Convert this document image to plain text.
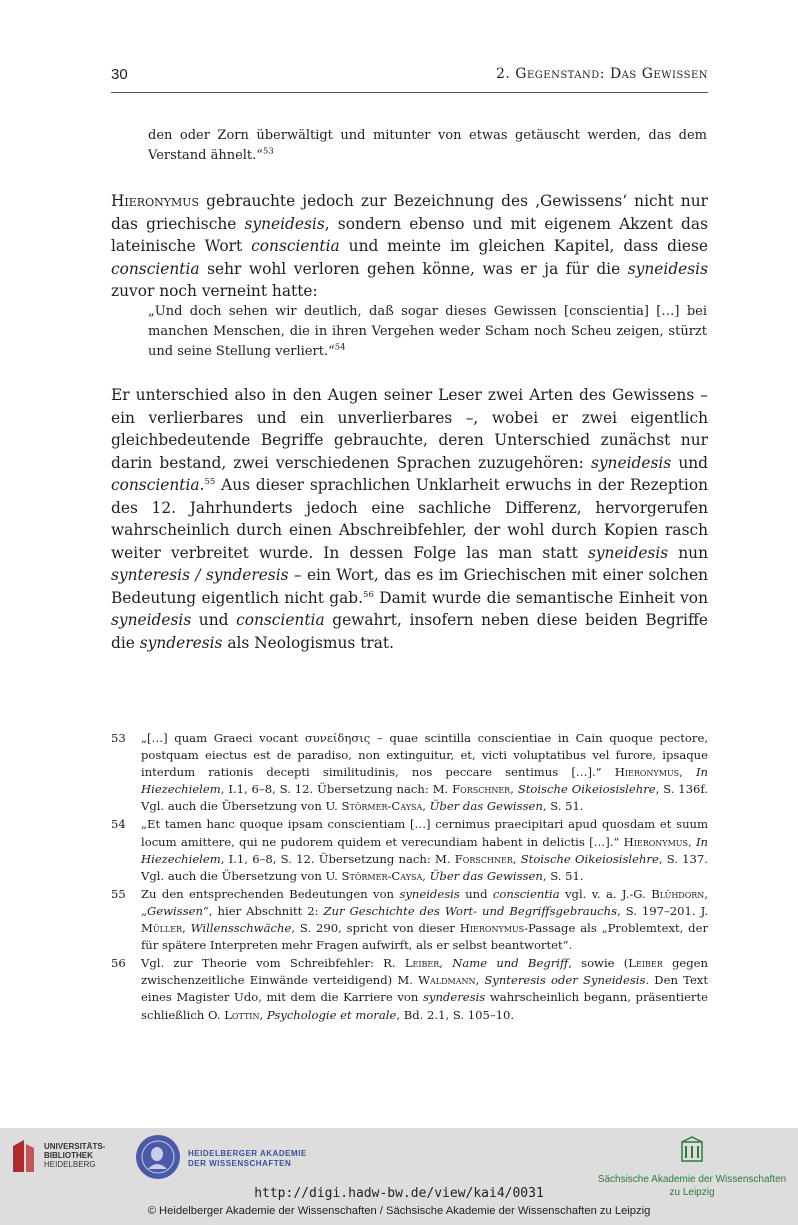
30	2. Gegenstand: Das Gewissen
den oder Zorn überwältigt und mitunter von etwas getäuscht werden, das dem Verstand ähnelt.“$^{53}$
Hieronymus gebrauchte jedoch zur Bezeichnung des ‚Gewissens‘ nicht nur das griechische syneidesis, sondern ebenso und mit eigenem Akzent das lateinische Wort conscientia und meinte im gleichen Kapitel, dass diese conscientia sehr wohl verloren gehen könne, was er ja für die syneidesis zuvor noch verneint hatte:
„Und doch sehen wir deutlich, daß sogar dieses Gewissen [conscientia] […] bei manchen Menschen, die in ihren Vergehen weder Scham noch Scheu zeigen, stürzt und seine Stellung verliert.“$^{54}$
Er unterschied also in den Augen seiner Leser zwei Arten des Gewissens – ein verlierbares und ein unverlierbares –, wobei er zwei eigentlich gleichbedeutende Begriffe gebrauchte, deren Unterschied zunächst nur darin bestand, zwei verschiedenen Sprachen zuzugehören: syneidesis und conscientia.$^{55}$ Aus dieser sprachlichen Unklarheit erwuchs in der Rezeption des 12. Jahrhunderts jedoch eine sachliche Differenz, hervorgerufen wahrscheinlich durch einen Abschreibfehler, der wohl durch Kopien rasch weiter verbreitet wurde. In dessen Folge las man statt syneidesis nun synteresis / synderesis – ein Wort, das es im Griechischen mit einer solchen Bedeutung eigentlich nicht gab.$^{56}$ Damit wurde die semantische Einheit von syneidesis und conscientia gewahrt, insofern neben diese beiden Begriffe die synderesis als Neologismus trat.
53 „[…] quam Graeci vocant συνείδησις – quae scintilla conscientiae in Cain quoque pectore, postquam eiectus est de paradiso, non extinguitur, et, victi voluptatibus vel furore, ipsaque interdum rationis decepti similitudinis, nos peccare sentimus […].“ Hieronymus, In Hiezechielem, I.1, 6–8, S. 12. Übersetzung nach: M. Forschner, Stoische Oikeiosislehre, S. 136f. Vgl. auch die Übersetzung von U. Störmer-Caysa, Über das Gewissen, S. 51.
54 „Et tamen hanc quoque ipsam conscientiam […] cernimus praecipitari apud quosdam et suum locum amittere, qui ne pudorem quidem et verecundiam habent in delictis […].“ Hieronymus, In Hiezechielem, I.1, 6–8, S. 12. Übersetzung nach: M. Forschner, Stoische Oikeiosislehre, S. 137. Vgl. auch die Übersetzung von U. Störmer-Caysa, Über das Gewissen, S. 51.
55 Zu den entsprechenden Bedeutungen von syneidesis und conscientia vgl. v. a. J.-G. Blühdorn, „Gewissen“, hier Abschnitt 2: Zur Geschichte des Wort- und Begriffsgebrauchs, S. 197–201. J. Müller, Willensschwäche, S. 290, spricht von dieser Hieronymus-Passage als „Problemtext, der für spätere Interpreten mehr Fragen aufwirft, als er selbst beantwortet“.
56 Vgl. zur Theorie vom Schreibfehler: R. Leiber, Name und Begriff, sowie (Leiber gegen zwischenzeitliche Einwände verteidigend) M. Waldmann, Synteresis oder Syneidesis. Den Text eines Magister Udo, mit dem die Karriere von synderesis wahrscheinlich begann, präsentierte schließlich O. Lottin, Psychologie et morale, Bd. 2.1, S. 105–10.
UNIVERSITÄTS-
BIBLIOTHEK
HEIDELBERG
HEIDELBERGER AKADEMIE
DER WISSENSCHAFTEN
Sächsische Akademie der Wissenschaften
zu Leipzig
http://digi.hadw-bw.de/view/kai4/0031
© Heidelberger Akademie der Wissenschaften / Sächsische Akademie der Wissenschaften zu Leipzig
